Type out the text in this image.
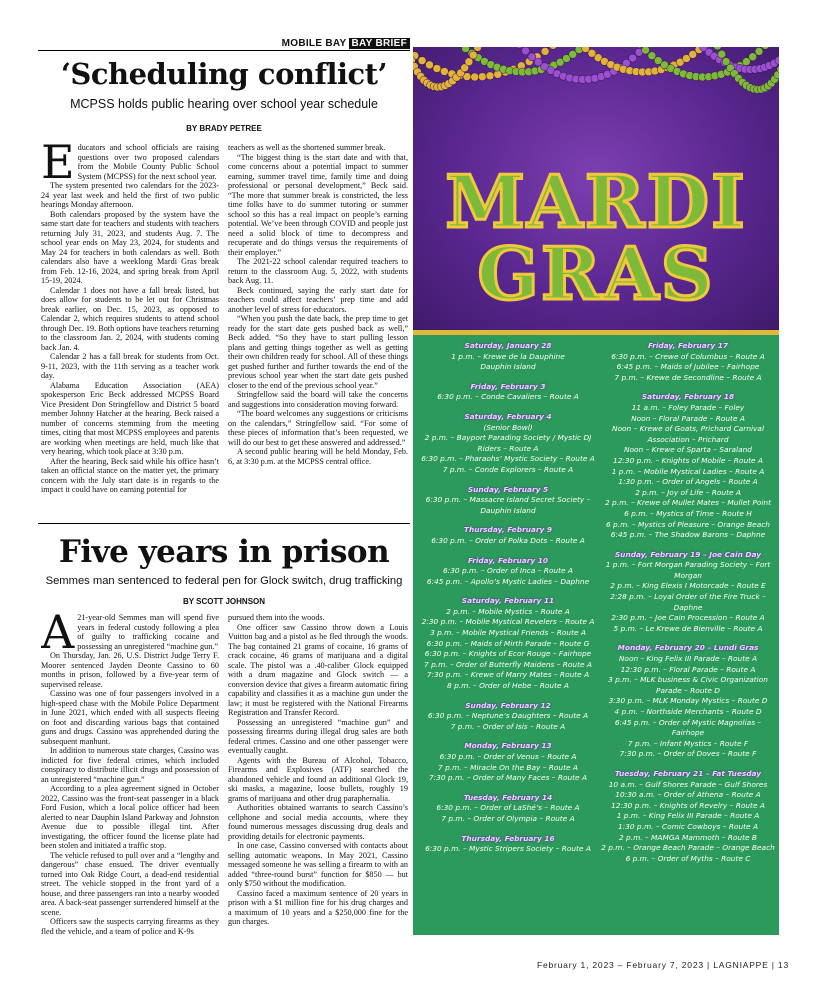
MOBILE BAY BAY BRIEF
‘Scheduling conflict’
MCPSS holds public hearing over school year schedule
BY BRADY PETREE

Educators and school officials are raising questions over two proposed calendars from the Mobile County Public School System (MCPSS) for the next school year.

The system presented two calendars for the 2023-24 year last week and held the first of two public hearings Monday afternoon.

Both calendars proposed by the system have the same start date for teachers and students with teachers returning July 31, 2023, and students Aug. 7. The school year ends on May 23, 2024, for students and May 24 for teachers in both calendars as well. Both calendars also have a weeklong Mardi Gras break from Feb. 12-16, 2024, and spring break from April 15-19, 2024.

Calendar 1 does not have a fall break listed, but does allow for students to be let out for Christmas break earlier, on Dec. 15, 2023, as opposed to Calendar 2, which requires students to attend school through Dec. 19. Both options have teachers returning to the classroom Jan. 2, 2024, with students coming back Jan. 4.

Calendar 2 has a fall break for students from Oct. 9-11, 2023, with the 11th serving as a teacher work day.

Alabama Education Association (AEA) spokesperson Eric Beck addressed MCPSS Board Vice President Don Stringfellow and District 5 board member Johnny Hatcher at the hearing. Beck raised a number of concerns stemming from the meeting times, citing that most MCPSS employees and parents are working when meetings are held, much like that very hearing, which took place at 3:30 p.m.

After the hearing, Beck said while his office hasn’t taken an official stance on the matter yet, the primary concern with the July start date is in regards to the impact it could have on earning potential for

teachers as well as the shortened summer break.

“The biggest thing is the start date and with that, come concerns about a potential impact to summer earning, summer travel time, family time and doing professional or personal development,” Beck said. “The more that summer break is constricted, the less time folks have to do summer tutoring or summer school so this has a real impact on people’s earning potential. We’ve been through COVID and people just need a solid block of time to decompress and recuperate and do things versus the requirements of their employer.”

The 2021-22 school calendar required teachers to return to the classroom Aug. 5, 2022, with students back Aug. 11.

Beck continued, saying the early start date for teachers could affect teachers’ prep time and add another level of stress for educators.

“When you push the date back, the prep time to get ready for the start date gets pushed back as well,” Beck added. “So they have to start pulling lesson plans and getting things together as well as getting their own children ready for school. All of these things get pushed further and further towards the end of the previous school year when the start date gets pushed closer to the end of the previous school year.”

Stringfellow said the board will take the concerns and suggestions into consideration moving forward.

“The board welcomes any suggestions or criticisms on the calendars,” Stringfellow said. “For some of these pieces of information that’s been requested, we will do our best to get these answered and addressed.”

A second public hearing will be held Monday, Feb. 6, at 3:30 p.m. at the MCPSS central office.

Five years in prison
Semmes man sentenced to federal pen for Glock switch, drug trafficking
BY SCOTT JOHNSON

A 21-year-old Semmes man will spend five years in federal custody following a plea of guilty to trafficking cocaine and possessing an unregistered “machine gun.”

On Thursday, Jan. 26, U.S. District Judge Terry F. Moorer sentenced Jayden Deonte Cassino to 60 months in prison, followed by a five-year term of supervised release.

Cassino was one of four passengers involved in a high-speed chase with the Mobile Police Department in June 2021, which ended with all suspects fleeing on foot and discarding various bags that contained guns and drugs. Cassino was apprehended during the subsequent manhunt.

In addition to numerous state charges, Cassino was indicted for five federal crimes, which included conspiracy to distribute illicit drugs and possession of an unregistered “machine gun.”

According to a plea agreement signed in October 2022, Cassino was the front-seat passenger in a black Ford Fusion, which a local police officer had been alerted to near Dauphin Island Parkway and Johnston Avenue due to possible illegal tint. After investigating, the officer found the license plate had been stolen and initiated a traffic stop.

The vehicle refused to pull over and a “lengthy and dangerous” chase ensued. The driver eventually turned into Oak Ridge Court, a dead-end residential street. The vehicle stopped in the front yard of a house, and three passengers ran into a nearby wooded area. A back-seat passenger surrendered himself at the scene.

Officers saw the suspects carrying firearms as they fled the vehicle, and a team of police and K-9s

pursued them into the woods.

One officer saw Cassino throw down a Louis Vuitton bag and a pistol as he fled through the woods. The bag contained 21 grams of cocaine, 16 grams of crack cocaine, 46 grams of marijuana and a digital scale. The pistol was a .40-caliber Glock equipped with a drum magazine and Glock switch — a conversion device that gives a firearm automatic firing capability and classifies it as a machine gun under the law; it must be registered with the National Firearms Registration and Transfer Record.

Possessing an unregistered “machine gun” and possessing firearms during illegal drug sales are both federal crimes. Cassino and one other passenger were eventually caught.

Agents with the Bureau of Alcohol, Tobacco, Firearms and Explosives (ATF) searched the abandoned vehicle and found an additional Glock 19, ski masks, a magazine, loose bullets, roughly 19 grams of marijuana and other drug paraphernalia.

Authorities obtained warrants to search Cassino’s cellphone and social media accounts, where they found numerous messages discussing drug deals and providing details for electronic payments.

In one case, Cassino conversed with contacts about selling automatic weapons. In May 2021, Cassino messaged someone he was selling a firearm to with an added “three-round burst” function for $850 — but only $750 without the modification.

Cassino faced a maximum sentence of 20 years in prison with a $1 million fine for his drug charges and a maximum of 10 years and a $250,000 fine for the gun charges.

MARDI
GRAS
Saturday, January 28
1 p.m. – Krewe de la Dauphine
Dauphin Island
Friday, February 3
6:30 p.m. – Conde Cavaliers – Route A
Saturday, February 4
(Senior Bowl)
2 p.m. – Bayport Parading Society / Mystic DJ Riders – Route A
6:30 p.m. – Pharaohs’ Mystic Society – Route A
7 p.m. – Conde Explorers – Route A
Sunday, February 5
6:30 p.m. – Massacre Island Secret Society – Dauphin Island
Thursday, February 9
6:30 p.m. – Order of Polka Dots – Route A
Friday, February 10
6:30 p.m. – Order of Inca – Route A
6:45 p.m. – Apollo’s Mystic Ladies – Daphne
Saturday, February 11
2 p.m. – Mobile Mystics – Route A
2:30 p.m. – Mobile Mystical Revelers – Route A
3 p.m. – Mobile Mystical Friends – Route A
6:30 p.m. – Maids of Mirth Parade – Route G
6:30 p.m. – Knights of Ecor Rouge – Fairhope
7 p.m. – Order of Butterfly Maidens – Route A
7:30 p.m. – Krewe of Marry Mates – Route A
8 p.m. – Order of Hebe – Route A
Sunday, February 12
6:30 p.m. – Neptune’s Daughters – Route A
7 p.m. – Order of Isis – Route A
Monday, February 13
6:30 p.m. – Order of Venus – Route A
7 p.m. – Miracle On the Bay – Route A
7:30 p.m. – Order of Many Faces – Route A
Tuesday, February 14
6:30 p.m. – Order of LaShé’s – Route A
7 p.m. – Order of Olympia – Route A
Thursday, February 16
6:30 p.m. – Mystic Stripers Society – Route A
Friday, February 17
6:30 p.m. – Crewe of Columbus – Route A
6:45 p.m. – Maids of Jubilee – Fairhope
7 p.m. – Krewe de Secondline – Route A
Saturday, February 18
11 a.m. – Foley Parade – Foley
Noon – Floral Parade – Route A
Noon – Krewe of Goats, Prichard Carnival Association – Prichard
Noon – Krewe of Sparta – Saraland
12:30 p.m. – Knights of Mobile – Route A
1 p.m. – Mobile Mystical Ladies – Route A
1:30 p.m. – Order of Angels – Route A
2 p.m. – Joy of Life – Route A
2 p.m. – Krewe of Mullet Mates – Mullet Point
6 p.m. – Mystics of Time – Route H
6 p.m. – Mystics of Pleasure – Orange Beach
6:45 p.m. – The Shadow Barons – Daphne
Sunday, February 19 – Joe Cain Day
1 p.m. – Fort Morgan Parading Society – Fort Morgan
2 p.m. – King Elexis I Motorcade – Route E
2:28 p.m. – Loyal Order of the Fire Truck – Daphne
2:30 p.m. – Joe Cain Procession – Route A
5 p.m. – Le Krewe de Bienville – Route A
Monday, February 20 – Lundi Gras
Noon – King Felix III Parade – Route A
12:30 p.m. – Floral Parade – Route A
3 p.m. – MLK business & Civic Organization Parade – Route D
3:30 p.m. – MLK Monday Mystics – Route D
4 p.m. – Northside Merchants – Route D
6:45 p.m. – Order of Mystic Magnolias – Fairhope
7 p.m. – Infant Mystics – Route F
7:30 p.m. – Order of Doves – Route F
Tuesday, February 21 – Fat Tuesday
10 a.m. – Gulf Shores Parade – Gulf Shores
10:30 a.m. – Order of Athena – Route A
12:30 p.m. – Knights of Revelry – Route A
1 p.m. – King Felix III Parade – Route A
1:30 p.m. – Comic Cowboys – Route A
2 p.m. – MAMGA Mammoth – Route B
2 p.m. – Orange Beach Parade – Orange Beach
6 p.m. – Order of Myths – Route C
February 1, 2023 – February 7, 2023 | LAGNIAPPE | 13
